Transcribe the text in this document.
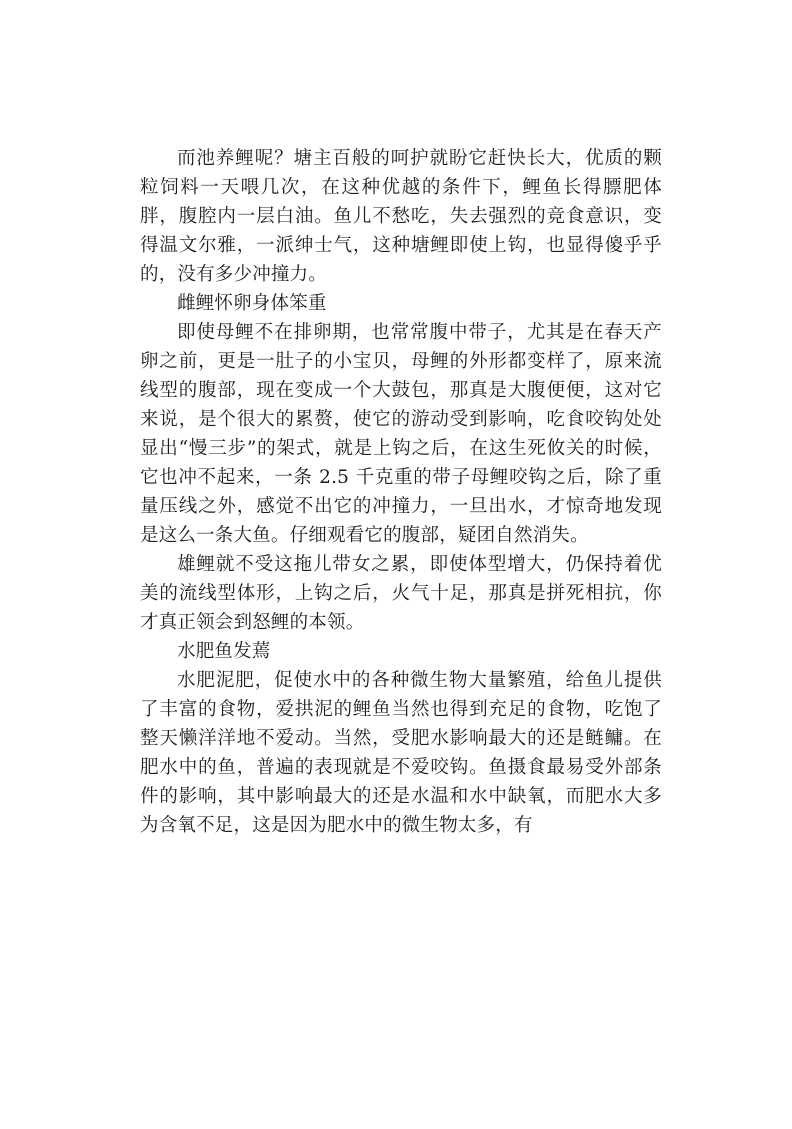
而池养鲤呢？塘主百般的呵护就盼它赶快长大，优质的颗粒饲料一天喂几次，在这种优越的条件下，鲤鱼长得膘肥体胖，腹腔内一层白油。鱼儿不愁吃，失去强烈的竞食意识，变得温文尔雅，一派绅士气，这种塘鲤即使上钩，也显得傻乎乎的，没有多少冲撞力。

雌鲤怀卵身体笨重

即使母鲤不在排卵期，也常常腹中带子，尤其是在春天产卵之前，更是一肚子的小宝贝，母鲤的外形都变样了，原来流线型的腹部，现在变成一个大鼓包，那真是大腹便便，这对它来说，是个很大的累赘，使它的游动受到影响，吃食咬钩处处显出“慢三步”的架式，就是上钩之后，在这生死攸关的时候，它也冲不起来，一条 2.5 千克重的带子母鲤咬钩之后，除了重量压线之外，感觉不出它的冲撞力，一旦出水，才惊奇地发现是这么一条大鱼。仔细观看它的腹部，疑团自然消失。

雄鲤就不受这拖儿带女之累，即使体型增大，仍保持着优美的流线型体形，上钩之后，火气十足，那真是拼死相抗，你才真正领会到怒鲤的本领。

水肥鱼发蔫

水肥泥肥，促使水中的各种微生物大量繁殖，给鱼儿提供了丰富的食物，爱拱泥的鲤鱼当然也得到充足的食物，吃饱了整天懒洋洋地不爱动。当然，受肥水影响最大的还是鲢鳙。在肥水中的鱼，普遍的表现就是不爱咬钩。鱼摄食最易受外部条件的影响，其中影响最大的还是水温和水中缺氧，而肥水大多为含氧不足，这是因为肥水中的微生物太多，有
